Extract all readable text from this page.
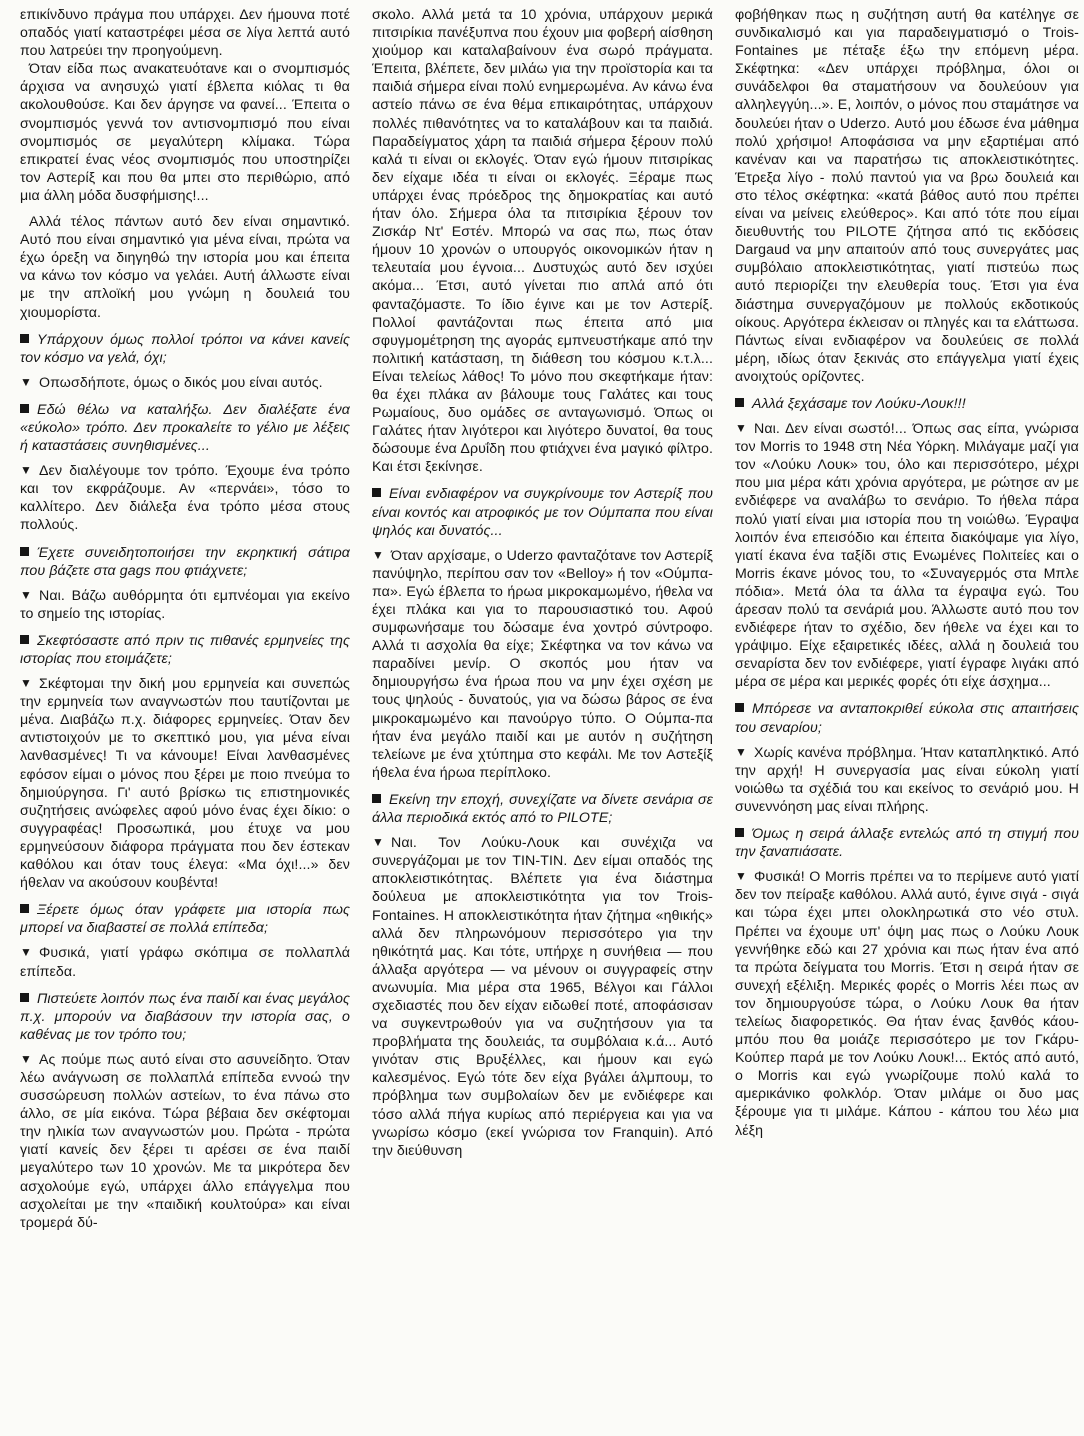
επικίνδυνο πράγμα που υπάρχει. Δεν ήμουνα ποτέ οπαδός γιατί καταστρέφει μέσα σε λίγα λεπτά αυτό που λατρεύει την προηγούμενη.

Όταν είδα πως ανακατευότανε και ο σνομπισμός άρχισα να ανησυχώ γιατί έβλεπα κιόλας τι θα ακολουθούσε. Και δεν άργησε να φανεί... Έπειτα ο σνομπισμός γεννά τον αντισνομπισμό που είναι σνομπισμός σε μεγαλύτερη κλίμακα. Τώρα επικρατεί ένας νέος σνομπισμός που υποστηρίζει τον Αστερίξ και που θα μπει στο περιθώριο, από μια άλλη μόδα δυσφήμισης!...

Αλλά τέλος πάντων αυτό δεν είναι σημαντικό. Αυτό που είναι σημαντικό για μένα είναι, πρώτα να έχω όρεξη να διηγηθώ την ιστορία μου και έπειτα να κάνω τον κόσμο να γελάει. Αυτή άλλωστε είναι με την απλοϊκή μου γνώμη η δουλειά του χιουμορίστα.

Υπάρχουν όμως πολλοί τρόποι να κάνει κανείς τον κόσμο να γελά, όχι;

▼ Οπωσδήποτε, όμως ο δικός μου είναι αυτός.

Εδώ θέλω να καταλήξω. Δεν διαλέξατε ένα «εύκολο» τρόπο. Δεν προκαλείτε το γέλιο με λέξεις ή καταστάσεις συνηθισμένες...

▼ Δεν διαλέγουμε τον τρόπο. Έχουμε ένα τρόπο και τον εκφράζουμε. Αν «περνάει», τόσο το καλλίτερο. Δεν διάλεξα ένα τρόπο μέσα στους πολλούς.

Έχετε συνειδητοποιήσει την εκρηκτική σάτιρα που βάζετε στα gags που φτιάχνετε;

▼ Ναι. Βάζω αυθόρμητα ότι εμπνέομαι για εκείνο το σημείο της ιστορίας.

Σκεφτόσαστε από πριν τις πιθανές ερμηνείες της ιστορίας που ετοιμάζετε;

▼ Σκέφτομαι την δική μου ερμηνεία και συνεπώς την ερμηνεία των αναγνωστών που ταυτίζονται με μένα. Διαβάζω π.χ. διάφορες ερμηνείες. Όταν δεν αντιστοιχούν με το σκεπτικό μου, για μένα είναι λανθασμένες! Τι να κάνουμε! Είναι λανθασμένες εφόσον είμαι ο μόνος που ξέρει με ποιο πνεύμα το δημιούργησα. Γι' αυτό βρίσκω τις επιστημονικές συζητήσεις ανώφελες αφού μόνο ένας έχει δίκιο: ο συγγραφέας! Προσωπικά, μου έτυχε να μου ερμηνεύσουν διάφορα πράγματα που δεν έστεκαν καθόλου και όταν τους έλεγα: «Μα όχι!...» δεν ήθελαν να ακούσουν κουβέντα!

Ξέρετε όμως όταν γράφετε μια ιστορία πως μπορεί να διαβαστεί σε πολλά επίπεδα;

▼ Φυσικά, γιατί γράφω σκόπιμα σε πολλαπλά επίπεδα.

Πιστεύετε λοιπόν πως ένα παιδί και ένας μεγάλος π.χ. μπορούν να διαβάσουν την ιστορία σας, ο καθένας με τον τρόπο του;

▼ Ας πούμε πως αυτό είναι στο ασυνείδητο. Όταν λέω ανάγνωση σε πολλαπλά επίπεδα εννοώ την συσσώρευση πολλών αστείων, το ένα πάνω στο άλλο, σε μία εικόνα. Τώρα βέβαια δεν σκέφτομαι την ηλικία των αναγνωστών μου. Πρώτα - πρώτα γιατί κανείς δεν ξέρει τι αρέσει σε ένα παιδί μεγαλύτερο των 10 χρονών. Με τα μικρότερα δεν ασχολούμε εγώ, υπάρχει άλλο επάγγελμα που ασχολείται με την «παιδική κουλτούρα» και είναι τρομερά δύ-

σκολο. Αλλά μετά τα 10 χρόνια, υπάρχουν μερικά πιτσιρίκια πανέξυπνα που έχουν μια φοβερή αίσθηση χιούμορ και καταλαβαίνουν ένα σωρό πράγματα. Έπειτα, βλέπετε, δεν μιλάω για την προϊστορία και τα παιδιά σήμερα είναι πολύ ενημερωμένα. Αν κάνω ένα αστείο πάνω σε ένα θέμα επικαιρότητας, υπάρχουν πολλές πιθανότητες να το καταλάβουν και τα παιδιά. Παραδείγματος χάρη τα παιδιά σήμερα ξέρουν πολύ καλά τι είναι οι εκλογές. Όταν εγώ ήμουν πιτσιρίκας δεν είχαμε ιδέα τι είναι οι εκλογές. Ξέραμε πως υπάρχει ένας πρόεδρος της δημοκρατίας και αυτό ήταν όλο. Σήμερα όλα τα πιτσιρίκια ξέρουν τον Ζισκάρ Ντ' Εστέν. Μπορώ να σας πω, πως όταν ήμουν 10 χρονών ο υπουργός οικονομικών ήταν η τελευταία μου έγνοια... Δυστυχώς αυτό δεν ισχύει ακόμα... Έτσι, αυτό γίνεται πιο απλά από ότι φανταζόμαστε. Το ίδιο έγινε και με τον Αστερίξ. Πολλοί φαντάζονται πως έπειτα από μια σφυγμομέτρηση της αγοράς εμπνευστήκαμε από την πολιτική κατάσταση, τη διάθεση του κόσμου κ.τ.λ... Είναι τελείως λάθος! Το μόνο που σκεφτήκαμε ήταν: θα έχει πλάκα αν βάλουμε τους Γαλάτες και τους Ρωμαίους, δυο ομάδες σε ανταγωνισμό. Όπως οι Γαλάτες ήταν λιγότεροι και λιγότερο δυνατοί, θα τους δώσουμε ένα Δρυΐδη που φτιάχνει ένα μαγικό φίλτρο. Και έτσι ξεκίνησε.

Είναι ενδιαφέρον να συγκρίνουμε τον Αστερίξ που είναι κοντός και ατροφικός με τον Ούμπαπα που είναι ψηλός και δυνατός...

▼ Όταν αρχίσαμε, ο Uderzo φανταζότανε τον Αστερίξ πανύψηλο, περίπου σαν τον «Belloy» ή τον «Ούμπα-πα». Εγώ έβλεπα το ήρωα μικροκαμωμένο, ήθελα να έχει πλάκα και για το παρουσιαστικό του. Αφού συμφωνήσαμε του δώσαμε ένα χοντρό σύντροφο. Αλλά τι ασχολία θα είχε; Σκέφτηκα να τον κάνω να παραδίνει μενίρ. Ο σκοπός μου ήταν να δημιουργήσω ένα ήρωα που να μην έχει σχέση με τους ψηλούς - δυνατούς, για να δώσω βάρος σε ένα μικροκαμωμένο και πανούργο τύπο. Ο Ούμπα-πα ήταν ένα μεγάλο παιδί και με αυτόν η συζήτηση τελείωνε με ένα χτύπημα στο κεφάλι. Με τον Αστεξίξ ήθελα ένα ήρωα περίπλοκο.

Εκείνη την εποχή, συνεχίζατε να δίνετε σενάρια σε άλλα περιοδικά εκτός από το PILOTE;

▼ Ναι. Τον Λούκυ-Λουκ και συνέχιζα να συνεργάζομαι με τον TIN-TIN. Δεν είμαι οπαδός της αποκλειστικότητας. Βλέπετε για ένα διάστημα δούλευα με αποκλειστικότητα για τον Trois-Fontaines. Η αποκλειστικότητα ήταν ζήτημα «ηθικής» αλλά δεν πληρωνόμουν περισσότερο για την ηθικότητά μας. Και τότε, υπήρχε η συνήθεια — που άλλαξα αργότερα — να μένουν οι συγγραφείς στην ανωνυμία. Μια μέρα στα 1965, Βέλγοι και Γάλλοι σχεδιαστές που δεν είχαν ειδωθεί ποτέ, αποφάσισαν να συγκεντρωθούν για να συζητήσουν για τα προβλήματα της δουλειάς, τα συμβόλαια κ.ά... Αυτό γινόταν στις Βρυξέλλες, και ήμουν και εγώ καλεσμένος. Εγώ τότε δεν είχα βγάλει άλμπουμ, το πρόβλημα των συμβολαίων δεν με ενδιέφερε και τόσο αλλά πήγα κυρίως από περιέργεια και για να γνωρίσω κόσμο (εκεί γνώρισα τον Franquin). Από την διεύθυνση

φοβήθηκαν πως η συζήτηση αυτή θα κατέληγε σε συνδικαλισμό και για παραδειγματισμό ο Trois-Fontaines με πέταξε έξω την επόμενη μέρα. Σκέφτηκα: «Δεν υπάρχει πρόβλημα, όλοι οι συνάδελφοι θα σταματήσουν να δουλεύουν για αλληλεγγύη...». Ε, λοιπόν, ο μόνος που σταμάτησε να δουλεύει ήταν ο Uderzo. Αυτό μου έδωσε ένα μάθημα πολύ χρήσιμο! Αποφάσισα να μην εξαρτιέμαι από κανέναν και να παρατήσω τις αποκλειστικότητες. Έτρεξα λίγο - πολύ παντού για να βρω δουλειά και στο τέλος σκέφτηκα: «κατά βάθος αυτό που πρέπει είναι να μείνεις ελεύθερος». Και από τότε που είμαι διευθυντής του PILOTE ζήτησα από τις εκδόσεις Dargaud να μην απαιτούν από τους συνεργάτες μας συμβόλαιο αποκλειστικότητας, γιατί πιστεύω πως αυτό περιορίζει την ελευθερία τους. Έτσι για ένα διάστημα συνεργαζόμουν με πολλούς εκδοτικούς οίκους. Αργότερα έκλεισαν οι πληγές και τα ελάττωσα. Πάντως είναι ενδιαφέρον να δουλεύεις σε πολλά μέρη, ιδίως όταν ξεκινάς στο επάγγελμα γιατί έχεις ανοιχτούς ορίζοντες.

Αλλά ξεχάσαμε τον Λούκυ-Λουκ!!!

▼ Ναι. Δεν είναι σωστό!... Όπως σας είπα, γνώρισα τον Morris το 1948 στη Νέα Υόρκη. Μιλάγαμε μαζί για τον «Λούκυ Λουκ» του, όλο και περισσότερο, μέχρι που μια μέρα κάτι χρόνια αργότερα, με ρώτησε αν με ενδιέφερε να αναλάβω το σενάριο. Το ήθελα πάρα πολύ γιατί είναι μια ιστορία που τη νοιώθω. Έγραψα λοιπόν ένα επεισόδιο και έπειτα διακόψαμε για λίγο, γιατί έκανα ένα ταξίδι στις Ενωμένες Πολιτείες και ο Morris έκανε μόνος του, το «Συναγερμός στα Μπλε πόδια». Μετά όλα τα άλλα τα έγραψα εγώ. Του άρεσαν πολύ τα σενάριά μου. Άλλωστε αυτό που τον ενδιέφερε ήταν το σχέδιο, δεν ήθελε να έχει και το γράψιμο. Είχε εξαιρετικές ιδέες, αλλά η δουλειά του σεναρίστα δεν τον ενδιέφερε, γιατί έγραφε λιγάκι από μέρα σε μέρα και μερικές φορές ότι είχε άσχημα...

Μπόρεσε να ανταποκριθεί εύκολα στις απαιτήσεις του σεναρίου;

▼ Χωρίς κανένα πρόβλημα. Ήταν καταπληκτικό. Από την αρχή! Η συνεργασία μας είναι εύκολη γιατί νοιώθω τα σχέδιά του και εκείνος το σενάριό μου. Η συνεννόηση μας είναι πλήρης.

Όμως η σειρά άλλαξε εντελώς από τη στιγμή που την ξαναπιάσατε.

▼ Φυσικά! Ο Morris πρέπει να το περίμενε αυτό γιατί δεν τον πείραξε καθόλου. Αλλά αυτό, έγινε σιγά - σιγά και τώρα έχει μπει ολοκληρωτικά στο νέο στυλ. Πρέπει να έχουμε υπ' όψη μας πως ο Λούκυ Λουκ γεννήθηκε εδώ και 27 χρόνια και πως ήταν ένα από τα πρώτα δείγματα του Morris. Έτσι η σειρά ήταν σε συνεχή εξέλιξη. Μερικές φορές ο Morris λέει πως αν τον δημιουργούσε τώρα, ο Λούκυ Λουκ θα ήταν τελείως διαφορετικός. Θα ήταν ένας ξανθός κάου-μπόυ που θα μοιάζε περισσότερο με τον Γκάρυ-Κούπερ παρά με τον Λούκυ Λουκ!... Εκτός από αυτό, ο Morris και εγώ γνωρίζουμε πολύ καλά το αμερικάνικο φολκλόρ. Όταν μιλάμε οι δυο μας ξέρουμε για τι μιλάμε. Κάπου - κάπου του λέω μια λέξη
